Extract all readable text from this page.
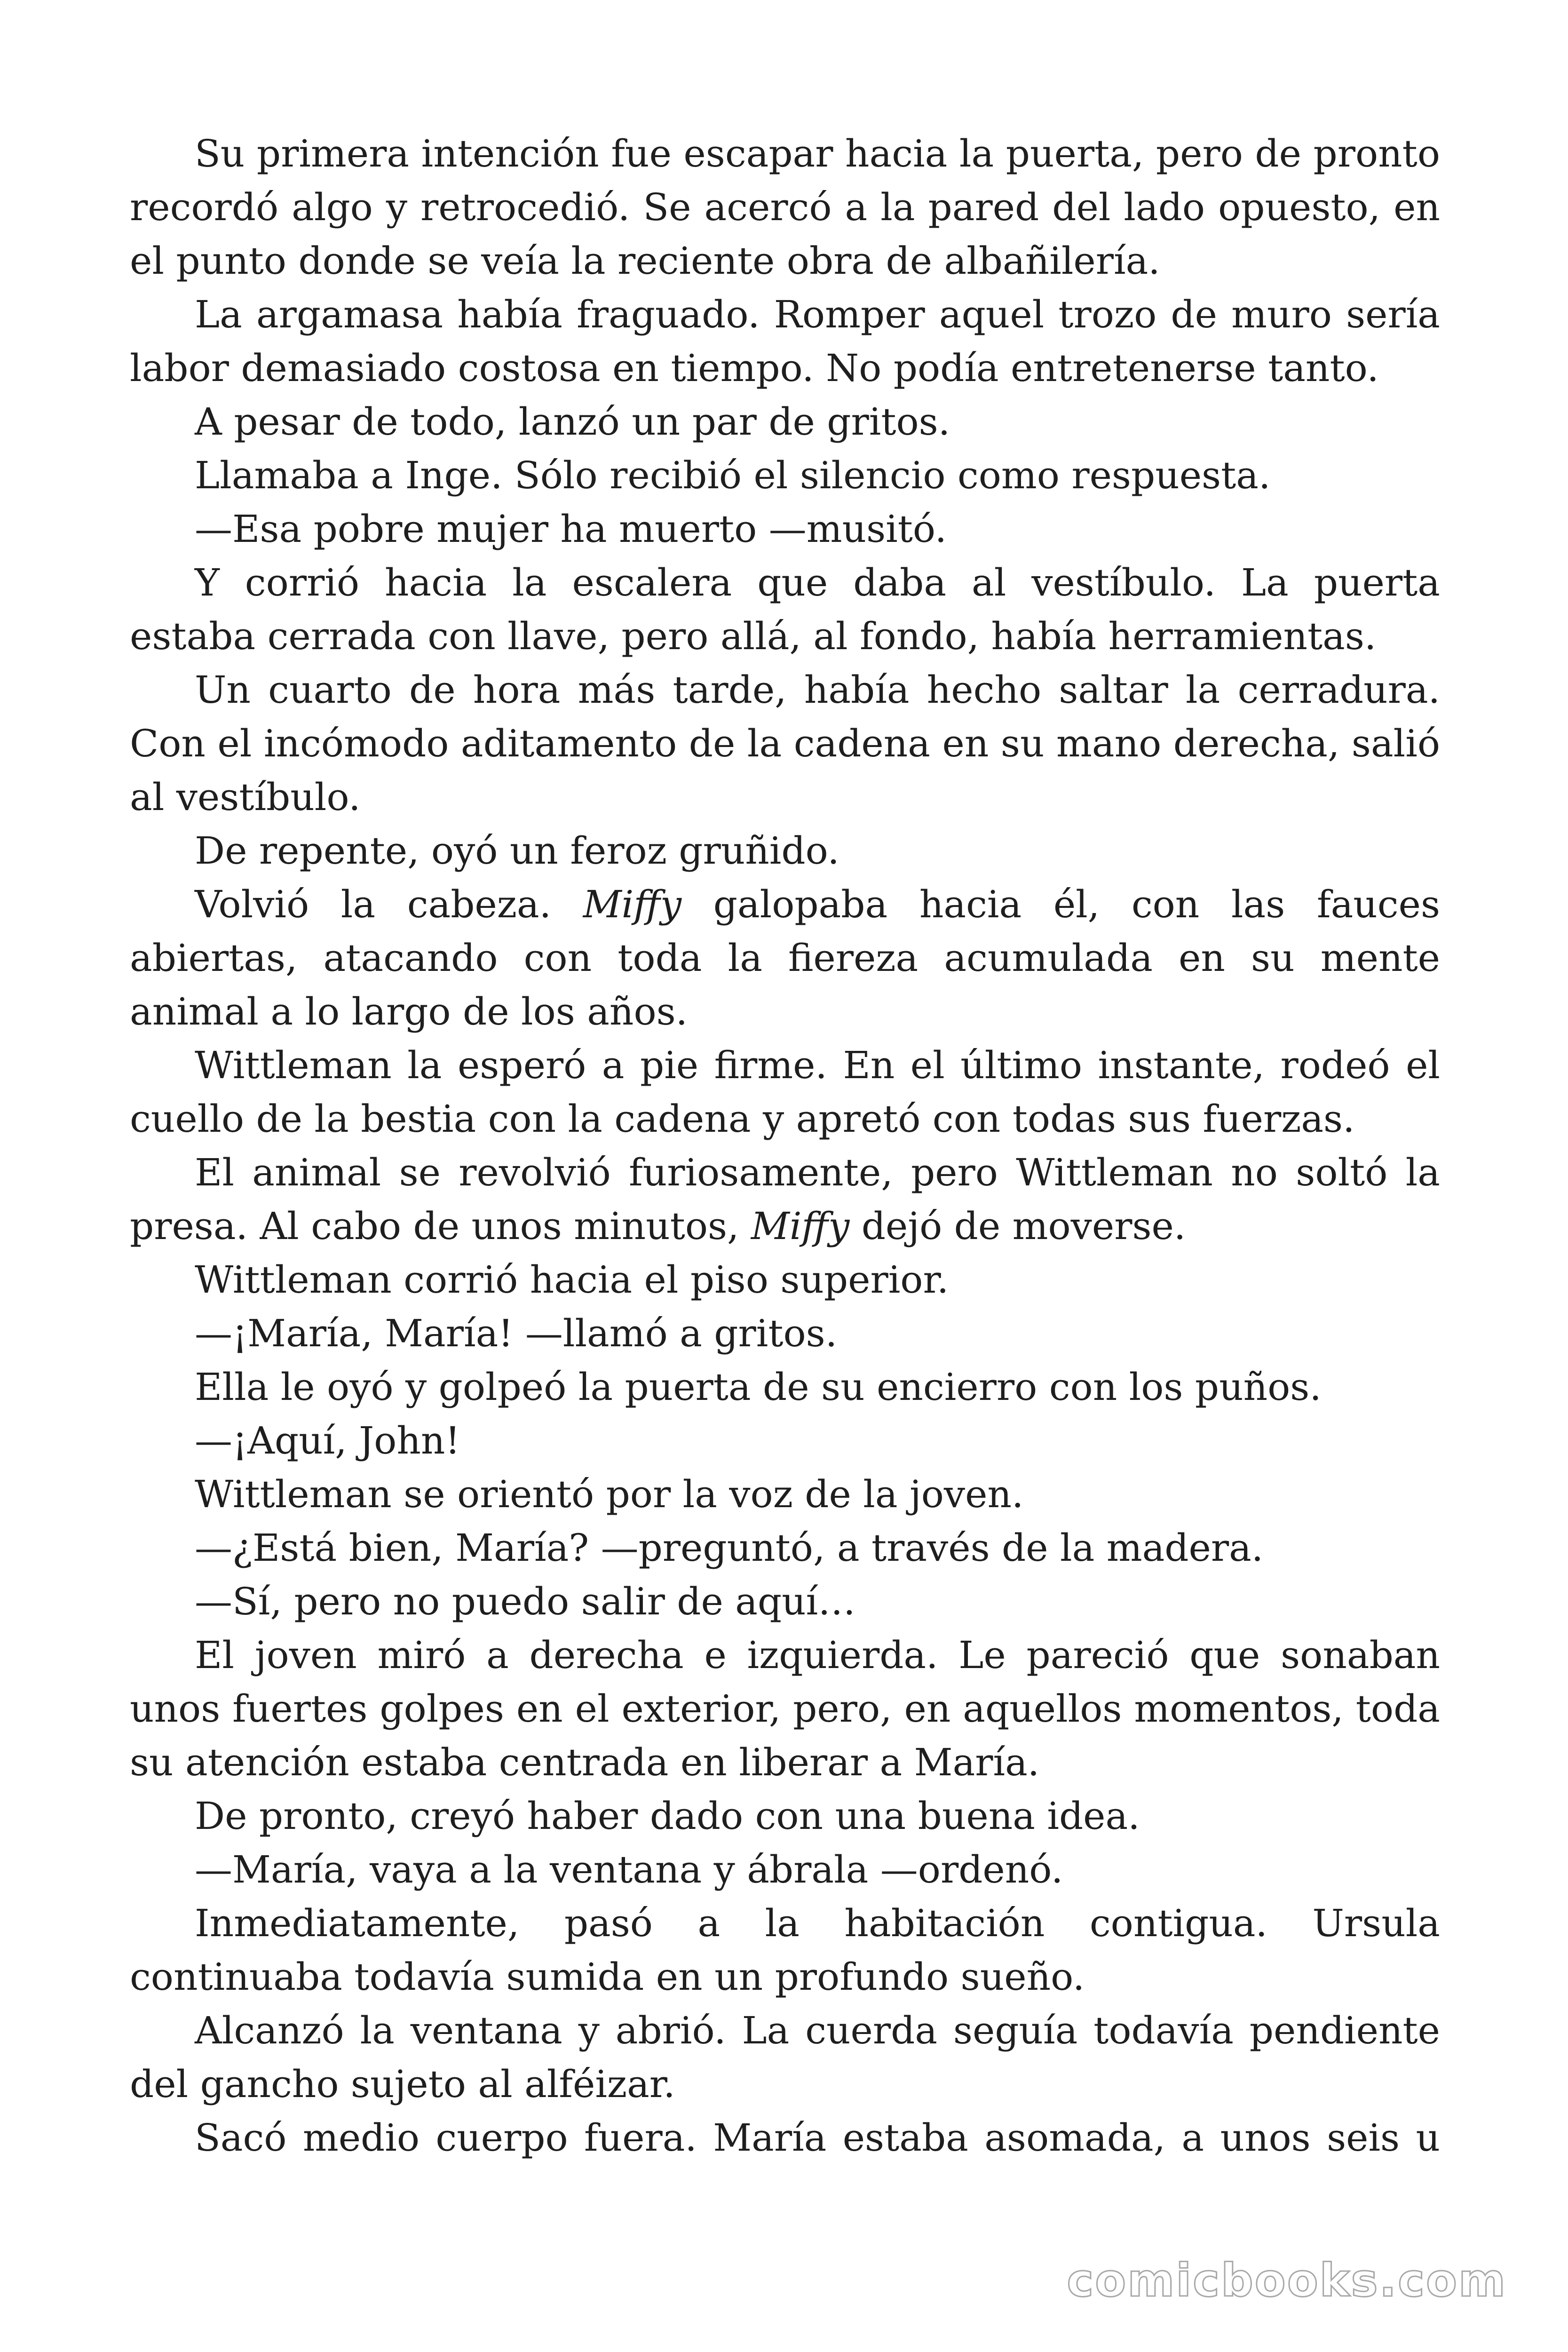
Su primera intención fue escapar hacia la puerta, pero de pronto recordó algo y retrocedió. Se acercó a la pared del lado opuesto, en el punto donde se veía la reciente obra de albañilería.

La argamasa había fraguado. Romper aquel trozo de muro sería labor demasiado costosa en tiempo. No podía entretenerse tanto.

A pesar de todo, lanzó un par de gritos.

Llamaba a Inge. Sólo recibió el silencio como respuesta.

—Esa pobre mujer ha muerto —musitó.

Y corrió hacia la escalera que daba al vestíbulo. La puerta estaba cerrada con llave, pero allá, al fondo, había herramientas.

Un cuarto de hora más tarde, había hecho saltar la cerradura. Con el incómodo aditamento de la cadena en su mano derecha, salió al vestíbulo.

De repente, oyó un feroz gruñido.

Volvió la cabeza. Miffy galopaba hacia él, con las fauces abiertas, atacando con toda la fiereza acumulada en su mente animal a lo largo de los años.

Wittleman la esperó a pie firme. En el último instante, rodeó el cuello de la bestia con la cadena y apretó con todas sus fuerzas.

El animal se revolvió furiosamente, pero Wittleman no soltó la presa. Al cabo de unos minutos, Miffy dejó de moverse.

Wittleman corrió hacia el piso superior.

—¡María, María! —llamó a gritos.

Ella le oyó y golpeó la puerta de su encierro con los puños.

—¡Aquí, John!

Wittleman se orientó por la voz de la joven.

—¿Está bien, María? —preguntó, a través de la madera.

—Sí, pero no puedo salir de aquí…

El joven miró a derecha e izquierda. Le pareció que sonaban unos fuertes golpes en el exterior, pero, en aquellos momentos, toda su atención estaba centrada en liberar a María.

De pronto, creyó haber dado con una buena idea.

—María, vaya a la ventana y ábrala —ordenó.

Inmediatamente, pasó a la habitación contigua. Ursula continuaba todavía sumida en un profundo sueño.

Alcanzó la ventana y abrió. La cuerda seguía todavía pendiente del gancho sujeto al alféizar.

Sacó medio cuerpo fuera. María estaba asomada, a unos seis u

comicbooks.com
